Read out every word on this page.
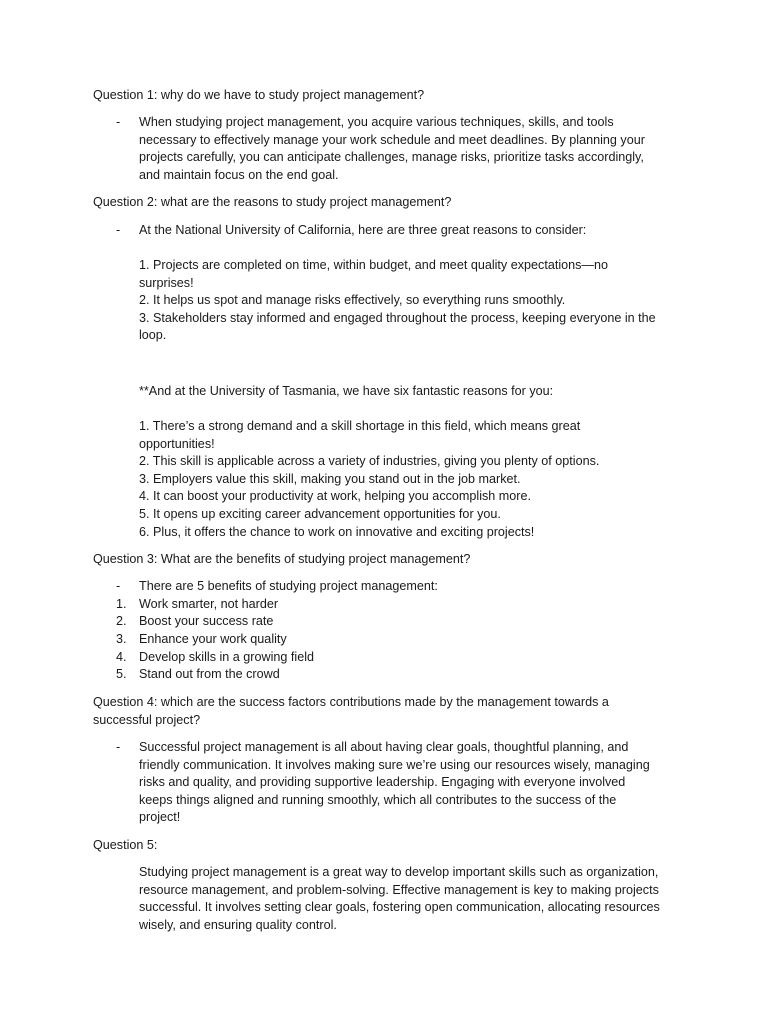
Question 1: why do we have to study project management?

- When studying project management, you acquire various techniques, skills, and tools
necessary to effectively manage your work schedule and meet deadlines. By planning your
projects carefully, you can anticipate challenges, manage risks, prioritize tasks accordingly,
and maintain focus on the end goal.

Question 2: what are the reasons to study project management?

- At the National University of California, here are three great reasons to consider:

1. Projects are completed on time, within budget, and meet quality expectations—no
surprises!
2. It helps us spot and manage risks effectively, so everything runs smoothly.
3. Stakeholders stay informed and engaged throughout the process, keeping everyone in the
loop.

**And at the University of Tasmania, we have six fantastic reasons for you:

1. There’s a strong demand and a skill shortage in this field, which means great
opportunities!
2. This skill is applicable across a variety of industries, giving you plenty of options.
3. Employers value this skill, making you stand out in the job market.
4. It can boost your productivity at work, helping you accomplish more.
5. It opens up exciting career advancement opportunities for you.
6. Plus, it offers the chance to work on innovative and exciting projects!

Question 3: What are the benefits of studying project management?

- There are 5 benefits of studying project management:

1. Work smarter, not harder

2. Boost your success rate

3. Enhance your work quality

4. Develop skills in a growing field

5. Stand out from the crowd

Question 4: which are the success factors contributions made by the management towards a
successful project?

- Successful project management is all about having clear goals, thoughtful planning, and
friendly communication. It involves making sure we’re using our resources wisely, managing
risks and quality, and providing supportive leadership. Engaging with everyone involved
keeps things aligned and running smoothly, which all contributes to the success of the
project!

Question 5:

Studying project management is a great way to develop important skills such as organization,
resource management, and problem-solving. Effective management is key to making projects
successful. It involves setting clear goals, fostering open communication, allocating resources
wisely, and ensuring quality control.
